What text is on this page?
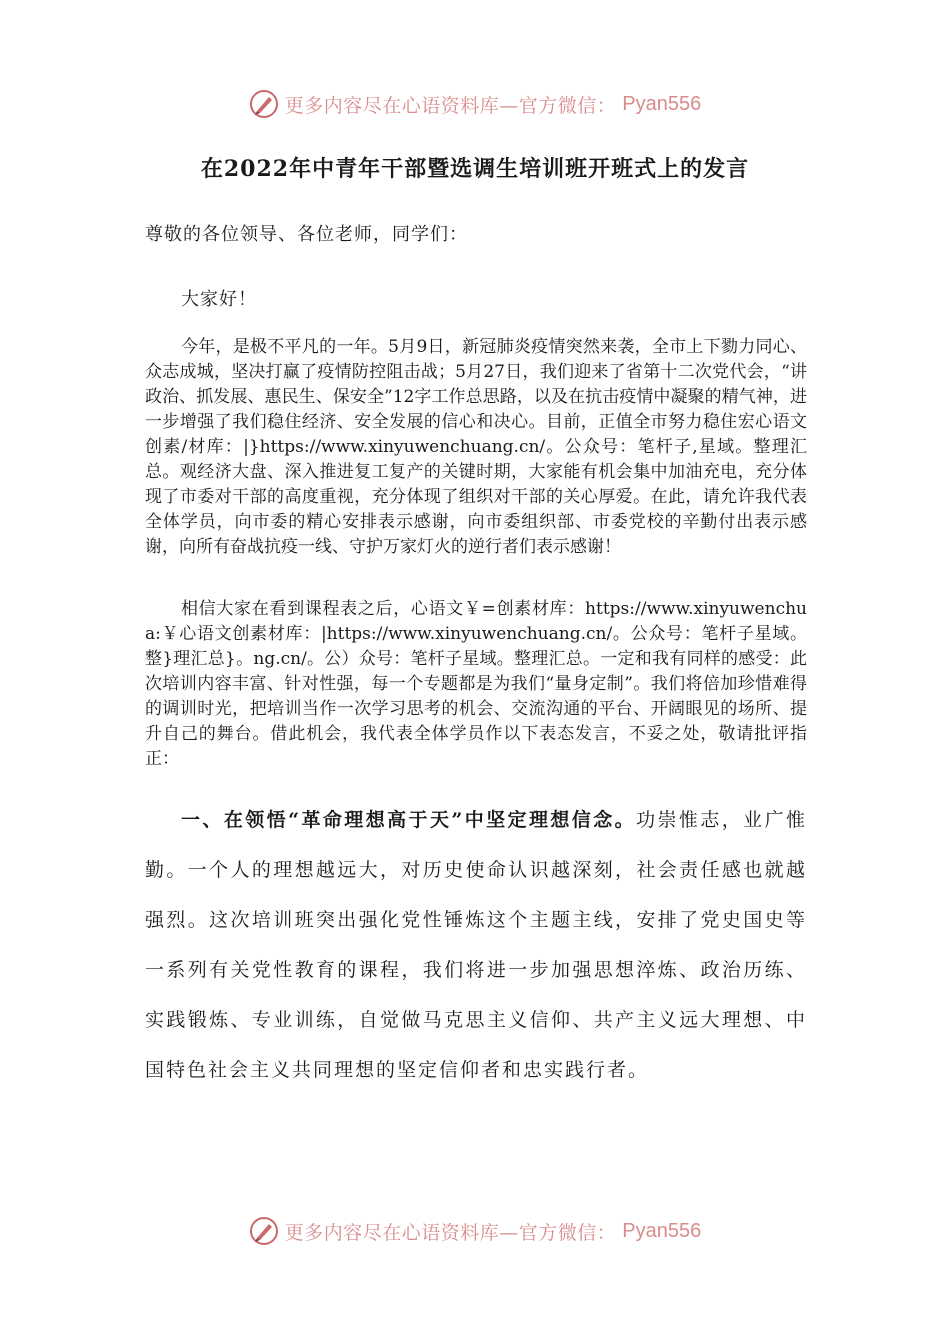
更多内容尽在心语资料库—官方微信： Pyan556
在2022年中青年干部暨选调生培训班开班式上的发言

尊敬的各位领导、各位老师，同学们：

大家好！

今年，是极不平凡的一年。5月9日，新冠肺炎疫情突然来袭，全市上下勠力同心、众志成城，坚决打赢了疫情防控阻击战；5月27日，我们迎来了省第十二次党代会，“讲政治、抓发展、惠民生、保安全”12字工作总思路，以及在抗击疫情中凝聚的精气神，进一步增强了我们稳住经济、安全发展的信心和决心。目前，正值全市努力稳住宏心语文创素/材库：|}https://www.xinyuwenchuang.cn/。公众号：笔杆子,星域。整理汇总。观经济大盘、深入推进复工复产的关键时期，大家能有机会集中加油充电，充分体现了市委对干部的高度重视，充分体现了组织对干部的关心厚爱。在此，请允许我代表全体学员，向市委的精心安排表示感谢，向市委组织部、市委党校的辛勤付出表示感谢，向所有奋战抗疫一线、守护万家灯火的逆行者们表示感谢！

相信大家在看到课程表之后，心语文￥=创素材库：https://www.xinyuwenchua:￥心语文创素材库：|https://www.xinyuwenchuang.cn/。公众号：笔杆子星域。整}理汇总}。ng.cn/。公）众号：笔杆子星域。整理汇总。一定和我有同样的感受：此次培训内容丰富、针对性强，每一个专题都是为我们“量身定制”。我们将倍加珍惜难得的调训时光，把培训当作一次学习思考的机会、交流沟通的平台、开阔眼见的场所、提升自己的舞台。借此机会，我代表全体学员作以下表态发言，不妥之处，敬请批评指正：

一、在领悟“革命理想高于天”中坚定理想信念。功崇惟志，业广惟勤。一个人的理想越远大，对历史使命认识越深刻，社会责任感也就越强烈。这次培训班突出强化党性锤炼这个主题主线，安排了党史国史等一系列有关党性教育的课程，我们将进一步加强思想淬炼、政治历练、实践锻炼、专业训练，自觉做马克思主义信仰、共产主义远大理想、中国特色社会主义共同理想的坚定信仰者和忠实践行者。

更多内容尽在心语资料库—官方微信： Pyan556
